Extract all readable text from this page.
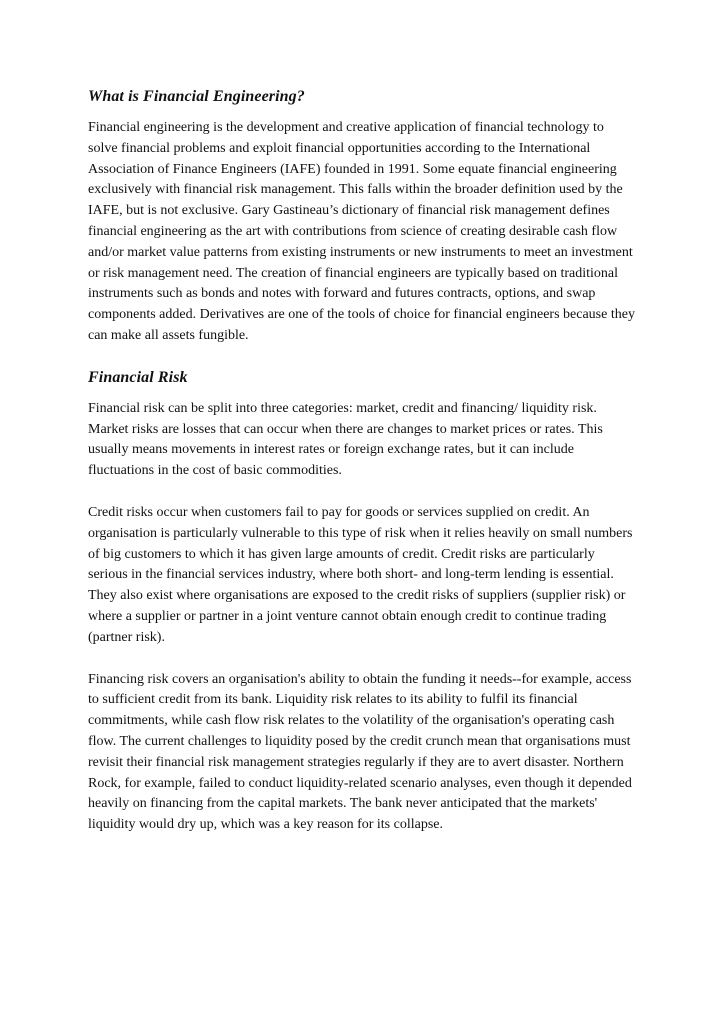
What is Financial Engineering?

Financial engineering is the development and creative application of financial technology to solve financial problems and exploit financial opportunities according to the International Association of Finance Engineers (IAFE) founded in 1991. Some equate financial engineering exclusively with financial risk management. This falls within the broader definition used by the IAFE, but is not exclusive. Gary Gastineau’s dictionary of financial risk management defines financial engineering as the art with contributions from science of creating desirable cash flow and/or market value patterns from existing instruments or new instruments to meet an investment or risk management need. The creation of financial engineers are typically based on traditional instruments such as bonds and notes with forward and futures contracts, options, and swap components added. Derivatives are one of the tools of choice for financial engineers because they can make all assets fungible.

Financial Risk

Financial risk can be split into three categories: market, credit and financing/ liquidity risk. Market risks are losses that can occur when there are changes to market prices or rates. This usually means movements in interest rates or foreign exchange rates, but it can include fluctuations in the cost of basic commodities.

Credit risks occur when customers fail to pay for goods or services supplied on credit. An organisation is particularly vulnerable to this type of risk when it relies heavily on small numbers of big customers to which it has given large amounts of credit. Credit risks are particularly serious in the financial services industry, where both short- and long-term lending is essential. They also exist where organisations are exposed to the credit risks of suppliers (supplier risk) or where a supplier or partner in a joint venture cannot obtain enough credit to continue trading (partner risk).

Financing risk covers an organisation's ability to obtain the funding it needs--for example, access to sufficient credit from its bank. Liquidity risk relates to its ability to fulfil its financial commitments, while cash flow risk relates to the volatility of the organisation's operating cash flow. The current challenges to liquidity posed by the credit crunch mean that organisations must revisit their financial risk management strategies regularly if they are to avert disaster. Northern Rock, for example, failed to conduct liquidity-related scenario analyses, even though it depended heavily on financing from the capital markets. The bank never anticipated that the markets' liquidity would dry up, which was a key reason for its collapse.
